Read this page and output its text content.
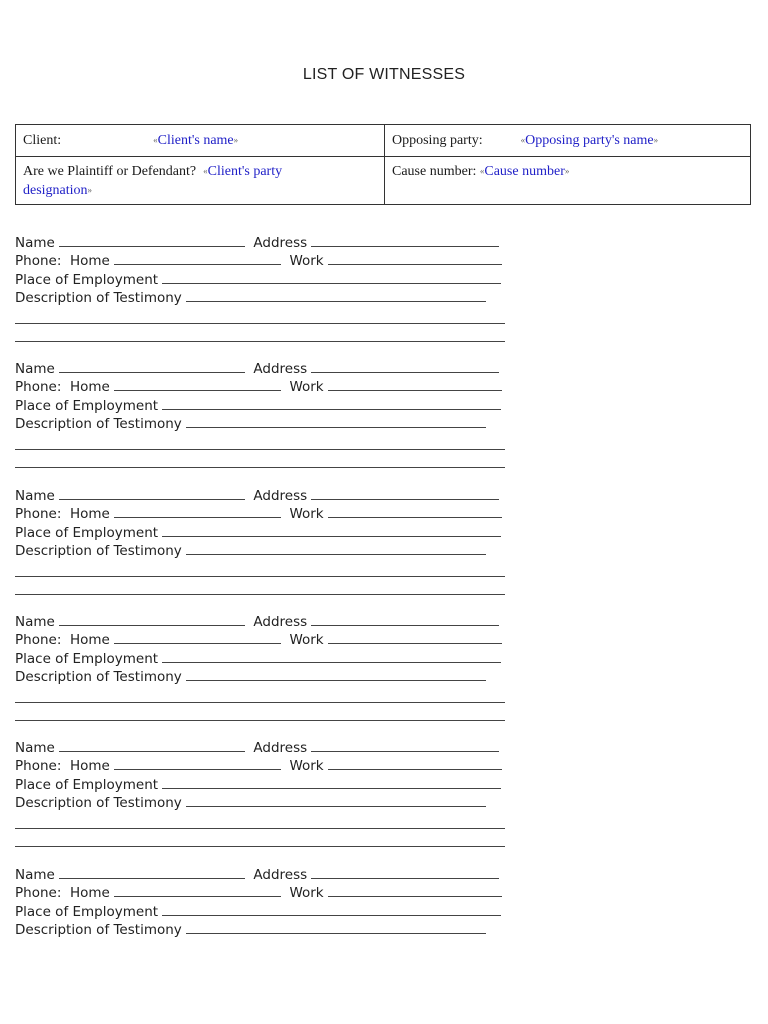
LIST OF WITNESSES
Client: «Client's name»	Opposing party: «Opposing party's name»
Are we Plaintiff or Defendant? «Client's party
designation»	Cause number: «Cause number»
Name	Address
Phone: Home	Work
Place of Employment
Description of Testimony
Name	Address
Phone: Home	Work
Place of Employment
Description of Testimony
Name	Address
Phone: Home	Work
Place of Employment
Description of Testimony
Name	Address
Phone: Home	Work
Place of Employment
Description of Testimony
Name	Address
Phone: Home	Work
Place of Employment
Description of Testimony
Name	Address
Phone: Home	Work
Place of Employment
Description of Testimony
